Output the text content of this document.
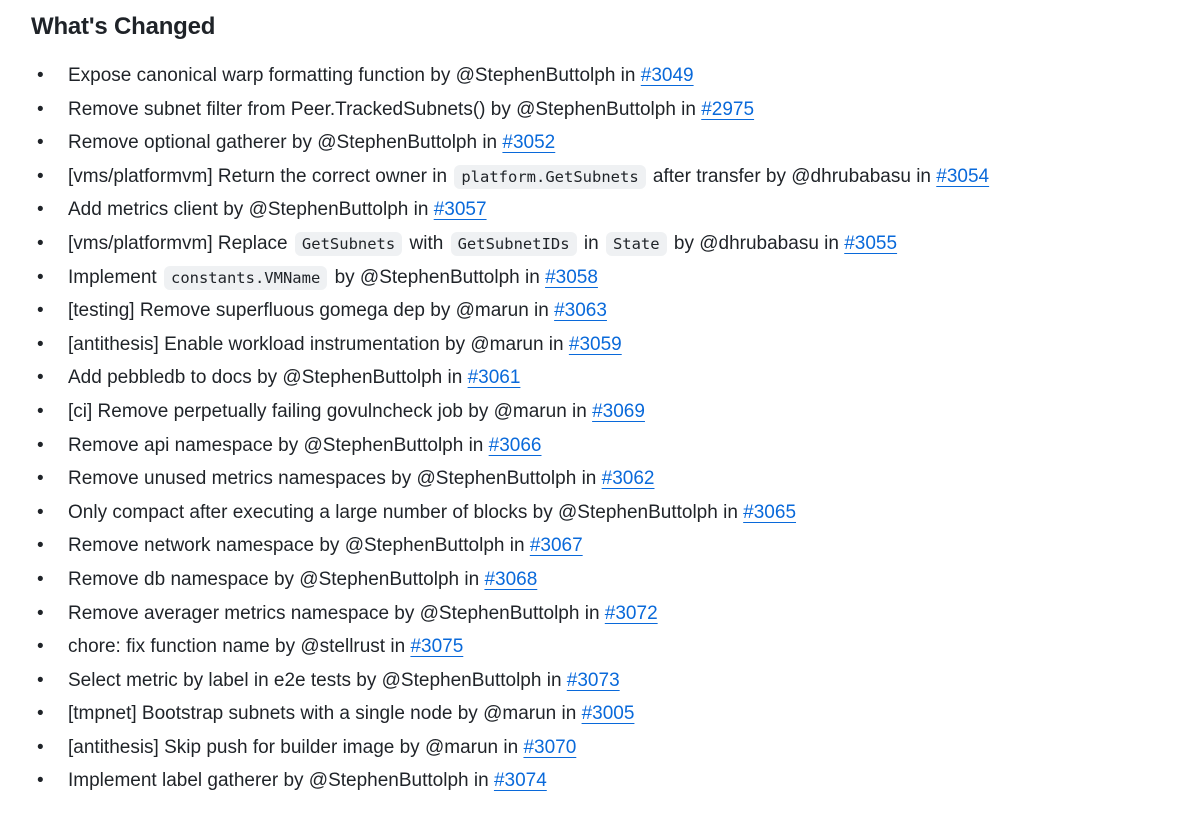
What's Changed
• Expose canonical warp formatting function by @StephenButtolph in #3049
• Remove subnet filter from Peer.TrackedSubnets() by @StephenButtolph in #2975
• Remove optional gatherer by @StephenButtolph in #3052
• [vms/platformvm] Return the correct owner in platform.GetSubnets after transfer by @dhrubabasu in #3054
• Add metrics client by @StephenButtolph in #3057
• [vms/platformvm] Replace GetSubnets with GetSubnetIDs in State by @dhrubabasu in #3055
• Implement constants.VMName by @StephenButtolph in #3058
• [testing] Remove superfluous gomega dep by @marun in #3063
• [antithesis] Enable workload instrumentation by @marun in #3059
• Add pebbledb to docs by @StephenButtolph in #3061
• [ci] Remove perpetually failing govulncheck job by @marun in #3069
• Remove api namespace by @StephenButtolph in #3066
• Remove unused metrics namespaces by @StephenButtolph in #3062
• Only compact after executing a large number of blocks by @StephenButtolph in #3065
• Remove network namespace by @StephenButtolph in #3067
• Remove db namespace by @StephenButtolph in #3068
• Remove averager metrics namespace by @StephenButtolph in #3072
• chore: fix function name by @stellrust in #3075
• Select metric by label in e2e tests by @StephenButtolph in #3073
• [tmpnet] Bootstrap subnets with a single node by @marun in #3005
• [antithesis] Skip push for builder image by @marun in #3070
• Implement label gatherer by @StephenButtolph in #3074
